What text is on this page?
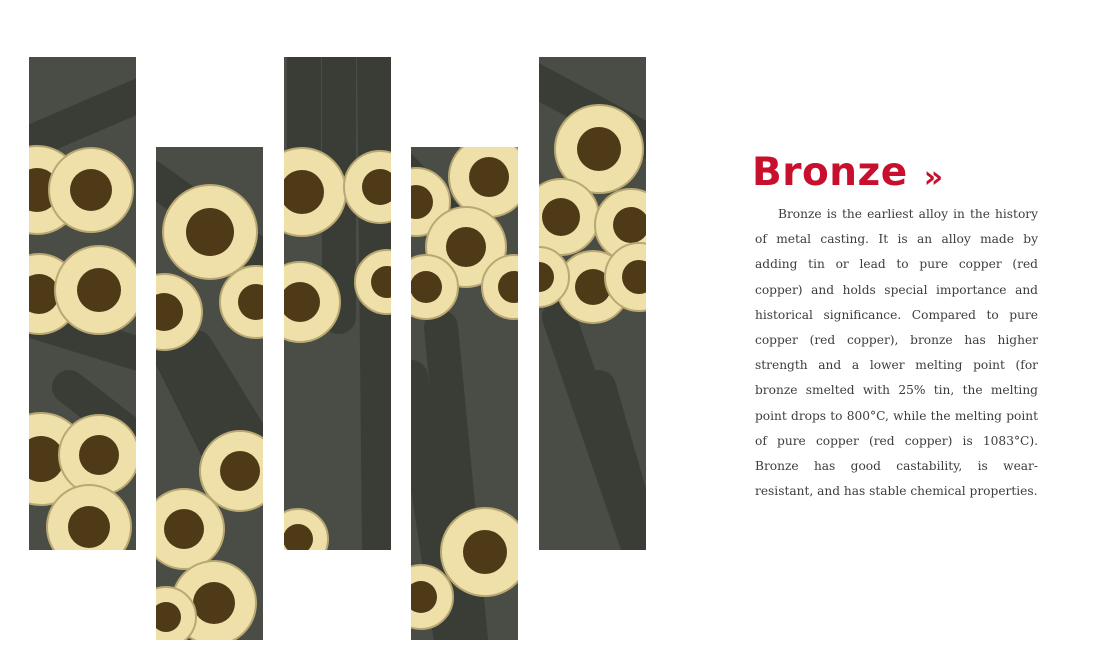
Bronze »

Bronze is the earliest alloy in the history of metal casting. It is an alloy made by adding tin or lead to pure copper (red copper) and holds special importance and historical significance. Compared to pure copper (red copper), bronze has higher strength and a lower melting point (for bronze smelted with 25% tin, the melting point drops to 800°C, while the melting point of pure copper (red copper) is 1083°C). Bronze has good castability, is wear-resistant, and has stable chemical properties.
